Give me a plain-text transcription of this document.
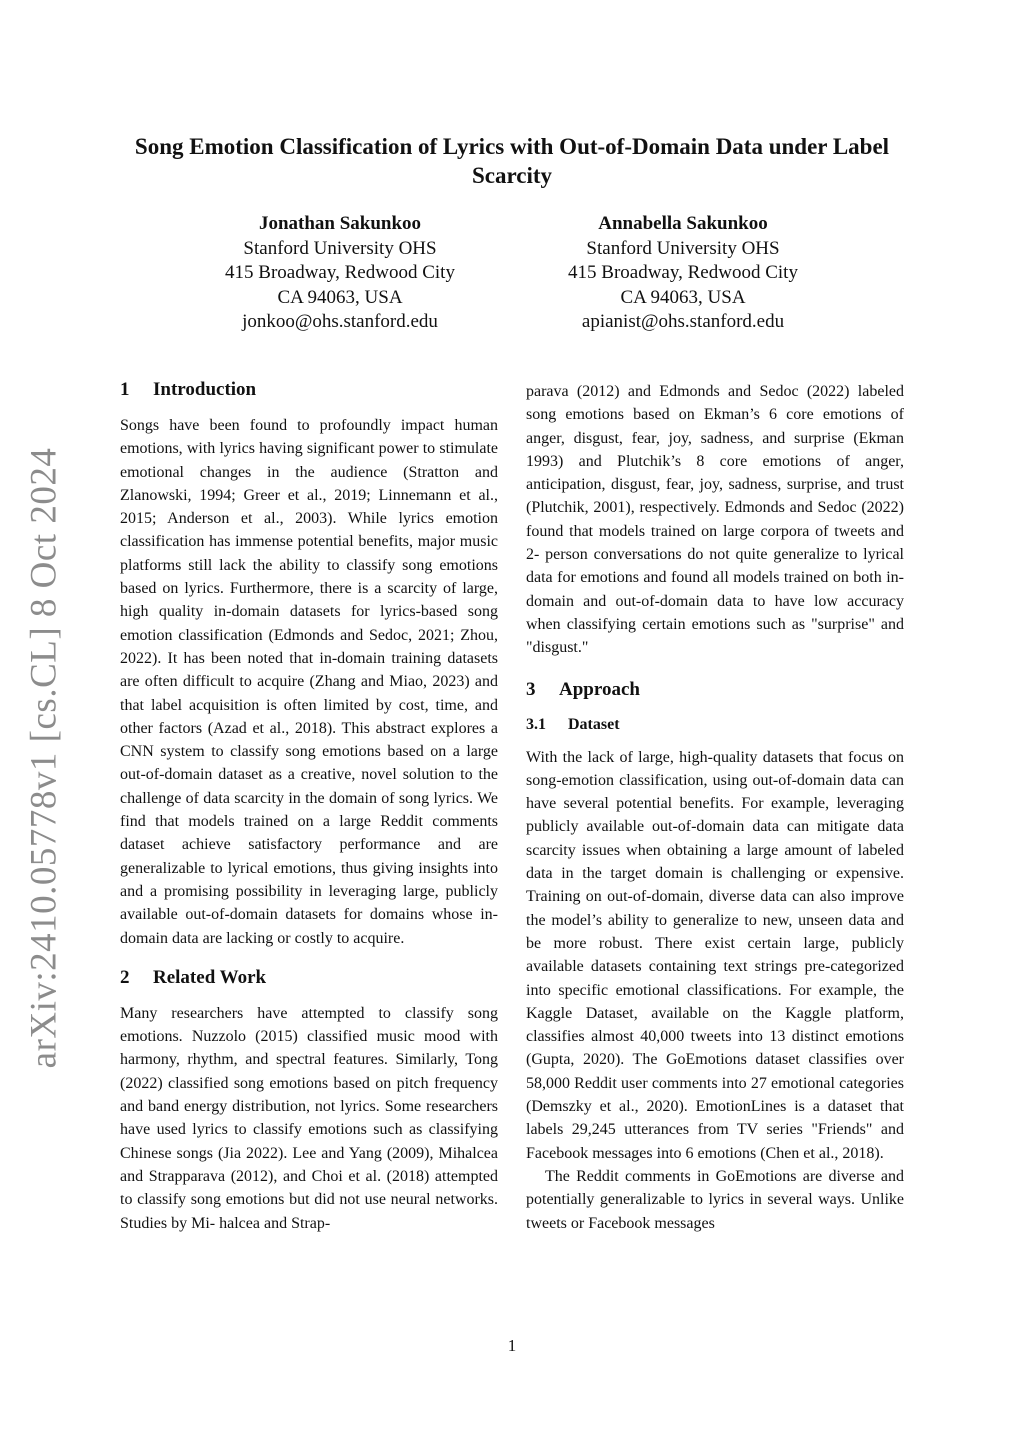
arXiv:2410.05778v1 [cs.CL] 8 Oct 2024
Song Emotion Classification of Lyrics with Out-of-Domain Data under Label Scarcity
Jonathan Sakunkoo
Stanford University OHS
415 Broadway, Redwood City
CA 94063, USA
jonkoo@ohs.stanford.edu
Annabella Sakunkoo
Stanford University OHS
415 Broadway, Redwood City
CA 94063, USA
apianist@ohs.stanford.edu
1 Introduction

Songs have been found to profoundly impact human emotions, with lyrics having significant power to stimulate emotional changes in the audience (Stratton and Zlanowski, 1994; Greer et al., 2019; Linnemann et al., 2015; Anderson et al., 2003). While lyrics emotion classification has immense potential benefits, major music platforms still lack the ability to classify song emotions based on lyrics. Furthermore, there is a scarcity of large, high quality in-domain datasets for lyrics-based song emotion classification (Edmonds and Sedoc, 2021; Zhou, 2022). It has been noted that in-domain training datasets are often difficult to acquire (Zhang and Miao, 2023) and that label acquisition is often limited by cost, time, and other factors (Azad et al., 2018). This abstract explores a CNN system to classify song emotions based on a large out-of-domain dataset as a creative, novel solution to the challenge of data scarcity in the domain of song lyrics. We find that models trained on a large Reddit comments dataset achieve satisfactory performance and are generalizable to lyrical emotions, thus giving insights into and a promising possibility in leveraging large, publicly available out-of-domain datasets for domains whose in-domain data are lacking or costly to acquire.

2 Related Work

Many researchers have attempted to classify song emotions. Nuzzolo (2015) classified music mood with harmony, rhythm, and spectral features. Similarly, Tong (2022) classified song emotions based on pitch frequency and band energy distribution, not lyrics. Some researchers have used lyrics to classify emotions such as classifying Chinese songs (Jia 2022). Lee and Yang (2009), Mihalcea and Strapparava (2012), and Choi et al. (2018) attempted to classify song emotions but did not use neural networks. Studies by Mi- halcea and Strap-

parava (2012) and Edmonds and Sedoc (2022) labeled song emotions based on Ekman’s 6 core emotions of anger, disgust, fear, joy, sadness, and surprise (Ekman 1993) and Plutchik’s 8 core emotions of anger, anticipation, disgust, fear, joy, sadness, surprise, and trust (Plutchik, 2001), respectively. Edmonds and Sedoc (2022) found that models trained on large corpora of tweets and 2- person conversations do not quite generalize to lyrical data for emotions and found all models trained on both in-domain and out-of-domain data to have low accuracy when classifying certain emotions such as "surprise" and "disgust."

3 Approach
3.1 Dataset

With the lack of large, high-quality datasets that focus on song-emotion classification, using out-of-domain data can have several potential benefits. For example, leveraging publicly available out-of-domain data can mitigate data scarcity issues when obtaining a large amount of labeled data in the target domain is challenging or expensive. Training on out-of-domain, diverse data can also improve the model’s ability to generalize to new, unseen data and be more robust. There exist certain large, publicly available datasets containing text strings pre-categorized into specific emotional classifications. For example, the Kaggle Dataset, available on the Kaggle platform, classifies almost 40,000 tweets into 13 distinct emotions (Gupta, 2020). The GoEmotions dataset classifies over 58,000 Reddit user comments into 27 emotional categories (Demszky et al., 2020). EmotionLines is a dataset that labels 29,245 utterances from TV series "Friends" and Facebook messages into 6 emotions (Chen et al., 2018).

The Reddit comments in GoEmotions are diverse and potentially generalizable to lyrics in several ways. Unlike tweets or Facebook messages

1
